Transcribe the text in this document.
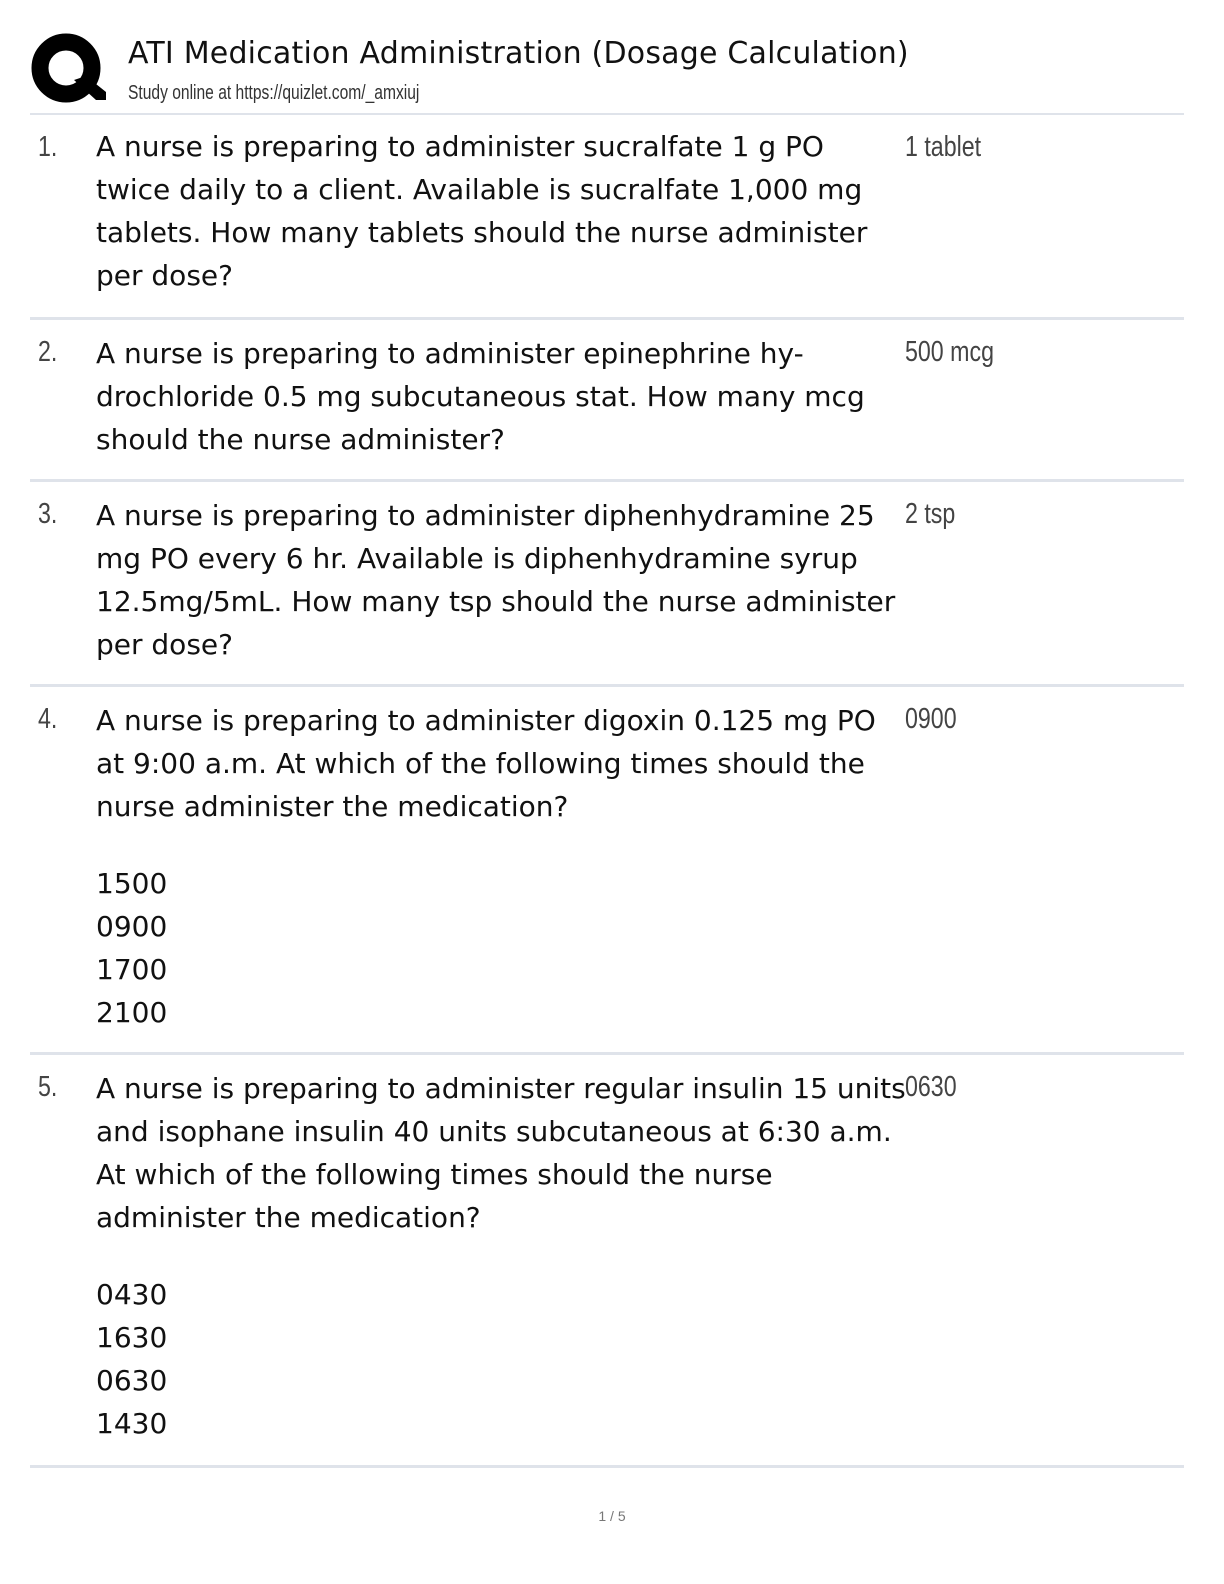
ATI Medication Administration (Dosage Calculation)
Study online at https://quizlet.com/_amxiuj
1. A nurse is preparing to administer sucralfate 1 g PO twice daily to a client. Available is sucralfate 1,000 mg tablets. How many tablets should the nurse administer per dose?
1 tablet
2. A nurse is preparing to administer epinephrine hy-drochloride 0.5 mg subcutaneous stat. How many mcg should the nurse administer?
500 mcg
3. A nurse is preparing to administer diphenhydramine 25 mg PO every 6 hr. Available is diphenhydramine syrup 12.5mg/5mL. How many tsp should the nurse administer per dose?
2 tsp
4. A nurse is preparing to administer digoxin 0.125 mg PO at 9:00 a.m. At which of the following times should the nurse administer the medication?
1500
0900
1700
2100
0900
5. A nurse is preparing to administer regular insulin 15 units and isophane insulin 40 units subcutaneous at 6:30 a.m. At which of the following times should the nurse administer the medication?
0430
1630
0630
1430
0630
1 / 5
